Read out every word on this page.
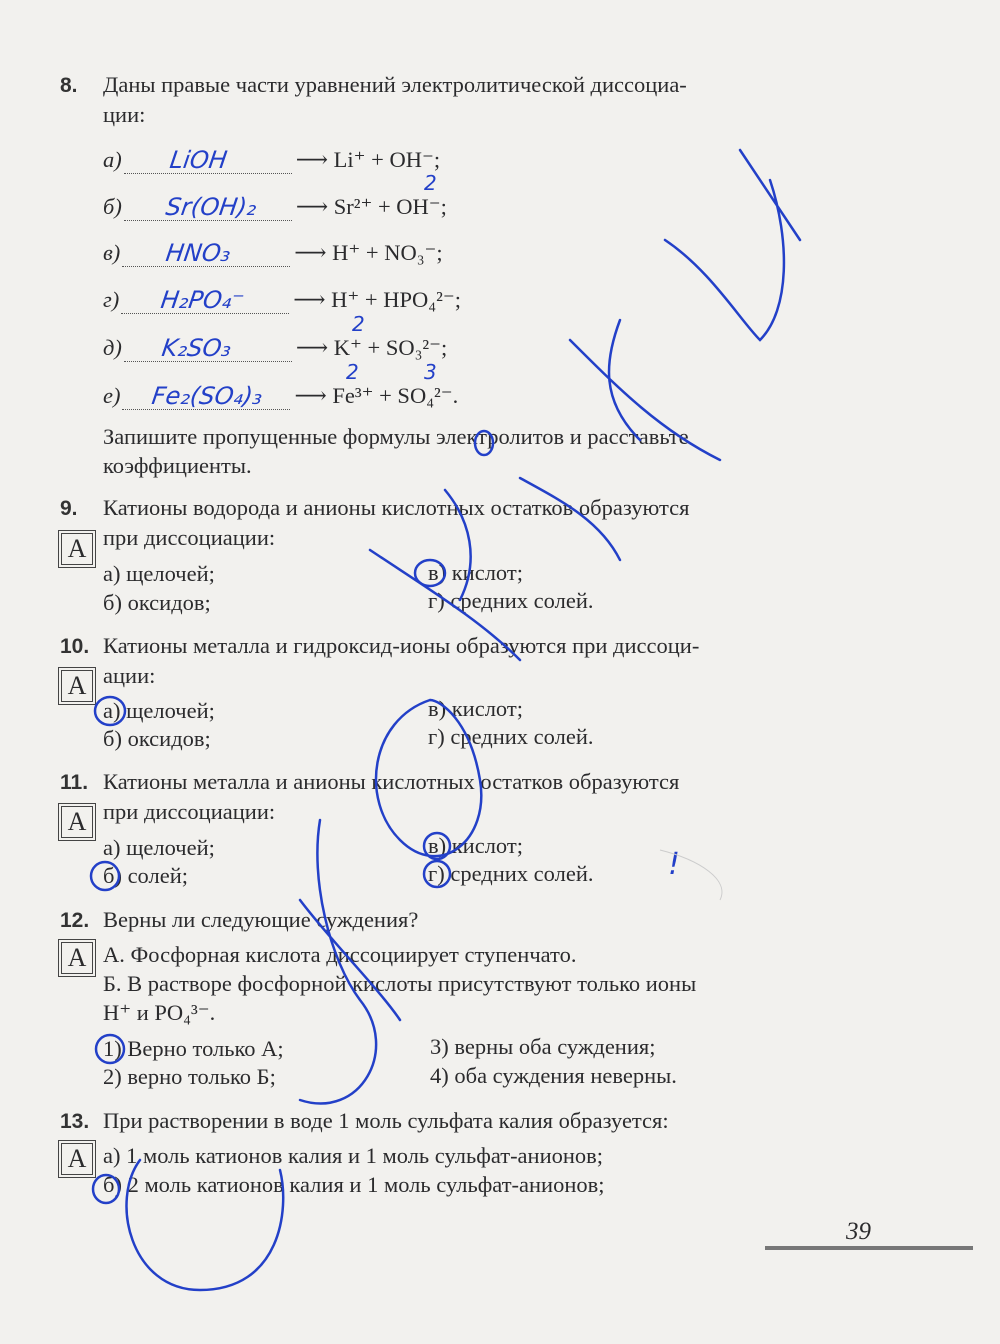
8. Даны правые части уравнений электролитической диссоциа-
ции:
а) LiOH	⟶ Li⁺ + OH⁻;
б) Sr(OH)₂ ⟶ Sr²⁺ + OH⁻;
в) HNO₃	⟶ H⁺ + NO₃⁻;
г) H₂PO₄⁻ ⟶ H⁺ + HPO₄²⁻;
д) K₂SO₃	⟶ K⁺ + SO₃²⁻;
е) Fe₂(SO₄)₃ ⟶ Fe³⁺ + SO₄²⁻.
2
2
2	3
Запишите пропущенные формулы электролитов и расставьте
коэффициенты.
9. Катионы водорода и анионы кислотных остатков образуются
при диссоциации:
А
а) щелочей;
б) оксидов;
в) кислот;
г) средних солей.
10. Катионы металла и гидроксид-ионы образуются при диссоци-
ации:
А
а) щелочей;
б) оксидов;
в) кислот;
г) средних солей.
11. Катионы металла и анионы кислотных остатков образуются
при диссоциации:
А
а) щелочей;
б) солей;
в) кислот;
г) средних солей. !
12. Верны ли следующие суждения?
А А. Фосфорная кислота диссоциирует ступенчато.
Б. В растворе фосфорной кислоты присутствуют только ионы
H⁺ и PO₄³⁻.
1) Верно только А;
2) верно только Б;
3) верны оба суждения;
4) оба суждения неверны.
13. При растворении в воде 1 моль сульфата калия образуется:
А а) 1 моль катионов калия и 1 моль сульфат-анионов;
б) 2 моль катионов калия и 1 моль сульфат-анионов;
39
